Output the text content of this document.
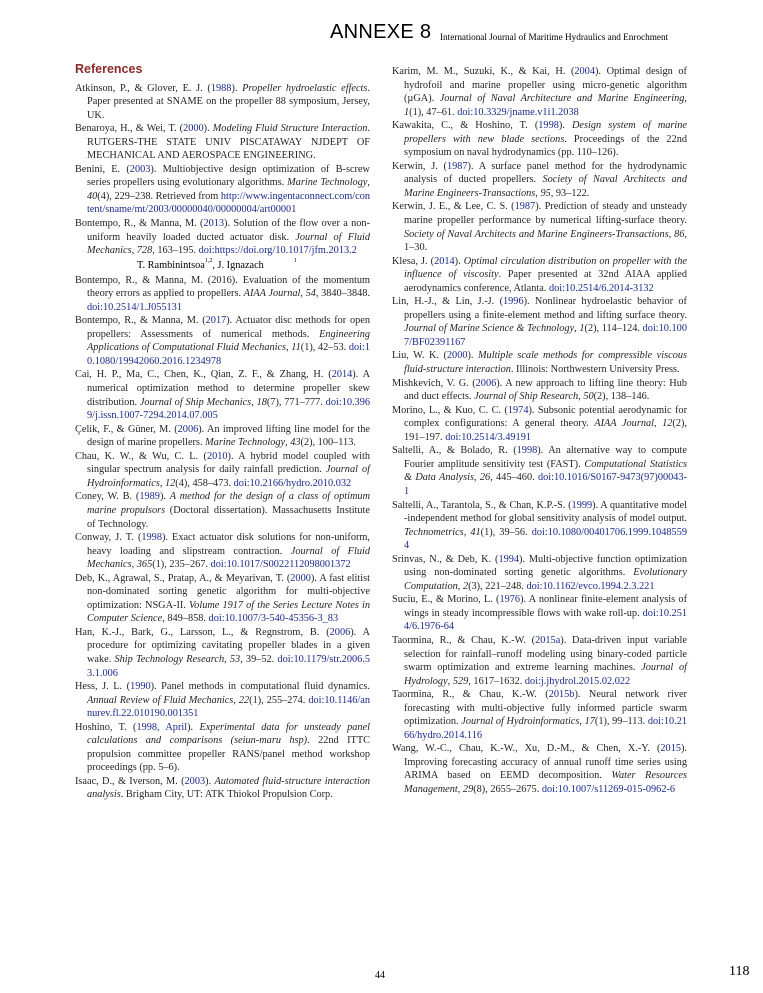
ANNEXE 8 International Journal of Maritime Hydraulics and Enrochment
References

Atkinson, P., & Glover, E. J. (1988). Propeller hydroelastic effects. Paper presented at SNAME on the propeller 88 symposium, Jersey, UK.

Benaroya, H., & Wei, T. (2000). Modeling Fluid Structure Interaction. RUTGERS-THE STATE UNIV PISCATAWAY NJDEPT OF MECHANICAL AND AEROSPACE ENGINEERING.

Benini, E. (2003). Multiobjective design optimization of B-screw series propellers using evolutionary algorithms. Marine Technology, 40(4), 229–238. Retrieved from http://www.ingentaconnect.com/content/sname/mt/2003/00000040/00000004/art00001

Bontempo, R., & Manna, M. (2013). Solution of the flow over a non-uniform heavily loaded ducted actuator disk. Journal of Fluid Mechanics, 728, 163–195. doi:https://doi.org/10.1017/jfm.2013.2

T. Rambinintsoa$^{1,2}$, J. Ignazach	$^1$

Bontempo, R., & Manna, M. (2016). Evaluation of the momentum theory errors as applied to propellers. AIAA Journal, 54, 3840–3848. doi:10.2514/1.J055131

Bontempo, R., & Manna, M. (2017). Actuator disc methods for open propellers: Assessments of numerical methods. Engineering Applications of Computational Fluid Mechanics, 11(1), 42–53. doi:10.1080/19942060.2016.1234978

Cai, H. P., Ma, C., Chen, K., Qian, Z. F., & Zhang, H. (2014). A numerical optimization method to determine propeller skew distribution. Journal of Ship Mechanics, 18(7), 771–777. doi:10.3969/j.issn.1007-7294.2014.07.005

Çelik, F., & Güner, M. (2006). An improved lifting line model for the design of marine propellers. Marine Technology, 43(2), 100–113.

Chau, K. W., & Wu, C. L. (2010). A hybrid model coupled with singular spectrum analysis for daily rainfall prediction. Journal of Hydroinformatics, 12(4), 458–473. doi:10.2166/hydro.2010.032

Coney, W. B. (1989). A method for the design of a class of optimum marine propulsors (Doctoral dissertation). Massachusetts Institute of Technology.

Conway, J. T. (1998). Exact actuator disk solutions for non-uniform, heavy loading and slipstream contraction. Journal of Fluid Mechanics, 365(1), 235–267. doi:10.1017/S0022112098001372

Deb, K., Agrawal, S., Pratap, A., & Meyarivan, T. (2000). A fast elitist non-dominated sorting genetic algorithm for multi-objective optimization: NSGA-II. Volume 1917 of the Series Lecture Notes in Computer Science, 849–858. doi:10.1007/3-540-45356-3_83

Han, K.-J., Bark, G., Larsson, L., & Regnstrom, B. (2006). A procedure for optimizing cavitating propeller blades in a given wake. Ship Technology Research, 53, 39–52. doi:10.1179/str.2006.53.1.006

Hess, J. L. (1990). Panel methods in computational fluid dynamics. Annual Review of Fluid Mechanics, 22(1), 255–274. doi:10.1146/annurev.fl.22.010190.001351

Hoshino, T. (1998, April). Experimental data for unsteady panel calculations and comparisons (seiun-maru hsp). 22nd ITTC propulsion committee propeller RANS/panel method workshop proceedings (pp. 5–6).

Isaac, D., & Iverson, M. (2003). Automated fluid-structure interaction analysis. Brigham City, UT: ATK Thiokol Propulsion Corp.

Karim, M. M., Suzuki, K., & Kai, H. (2004). Optimal design of hydrofoil and marine propeller using micro-genetic algorithm (µGA). Journal of Naval Architecture and Marine Engineering, 1(1), 47–61. doi:10.3329/jname.v1i1.2038

Kawakita, C., & Hoshino, T. (1998). Design system of marine propellers with new blade sections. Proceedings of the 22nd symposium on naval hydrodynamics (pp. 110–126).

Kerwin, J. (1987). A surface panel method for the hydrodynamic analysis of ducted propellers. Society of Naval Architects and Marine Engineers-Transactions, 95, 93–122.

Kerwin, J. E., & Lee, C. S. (1987). Prediction of steady and unsteady marine propeller performance by numerical lifting-surface theory. Society of Naval Architects and Marine Engineers-Transactions, 86, 1–30.

Klesa, J. (2014). Optimal circulation distribution on propeller with the influence of viscosity. Paper presented at 32nd AIAA applied aerodynamics conference, Atlanta. doi:10.2514/6.2014-3132

Lin, H.-J., & Lin, J.-J. (1996). Nonlinear hydroelastic behavior of propellers using a finite-element method and lifting surface theory. Journal of Marine Science & Technology, 1(2), 114–124. doi:10.1007/BF02391167

Liu, W. K. (2000). Multiple scale methods for compressible viscous fluid-structure interaction. Illinois: Northwestern University Press.

Mishkevich, V. G. (2006). A new approach to lifting line theory: Hub and duct effects. Journal of Ship Research, 50(2), 138–146.

Morino, L., & Kuo, C. C. (1974). Subsonic potential aerodynamic for complex configurations: A general theory. AIAA Journal, 12(2), 191–197. doi:10.2514/3.49191

Saltelli, A., & Bolado, R. (1998). An alternative way to compute Fourier amplitude sensitivity test (FAST). Computational Statistics & Data Analysis, 26, 445–460. doi:10.1016/S0167-9473(97)00043-1

Saltelli, A., Tarantola, S., & Chan, K.P.-S. (1999). A quantitative model -independent method for global sensitivity analysis of model output. Technometrics, 41(1), 39–56. doi:10.1080/00401706.1999.10485594

Srinvas, N., & Deb, K. (1994). Multi-objective function optimization using non-dominated sorting genetic algorithms. Evolutionary Computation, 2(3), 221–248. doi:10.1162/evco.1994.2.3.221

Suciu, E., & Morino, L. (1976). A nonlinear finite-element analysis of wings in steady incompressible flows with wake roll-up. doi:10.2514/6.1976-64

Taormina, R., & Chau, K.-W. (2015a). Data-driven input variable selection for rainfall–runoff modeling using binary-coded particle swarm optimization and extreme learning machines. Journal of Hydrology, 529, 1617–1632. doi:j.jhydrol.2015.02.022

Taormina, R., & Chau, K.-W. (2015b). Neural network river forecasting with multi-objective fully informed particle swarm optimization. Journal of Hydroinformatics, 17(1), 99–113. doi:10.2166/hydro.2014.116

Wang, W.-C., Chau, K.-W., Xu, D.-M., & Chen, X.-Y. (2015). Improving forecasting accuracy of annual runoff time series using ARIMA based on EEMD decomposition. Water Resources Management, 29(8), 2655–2675. doi:10.1007/s11269-015-0962-6

44	118
